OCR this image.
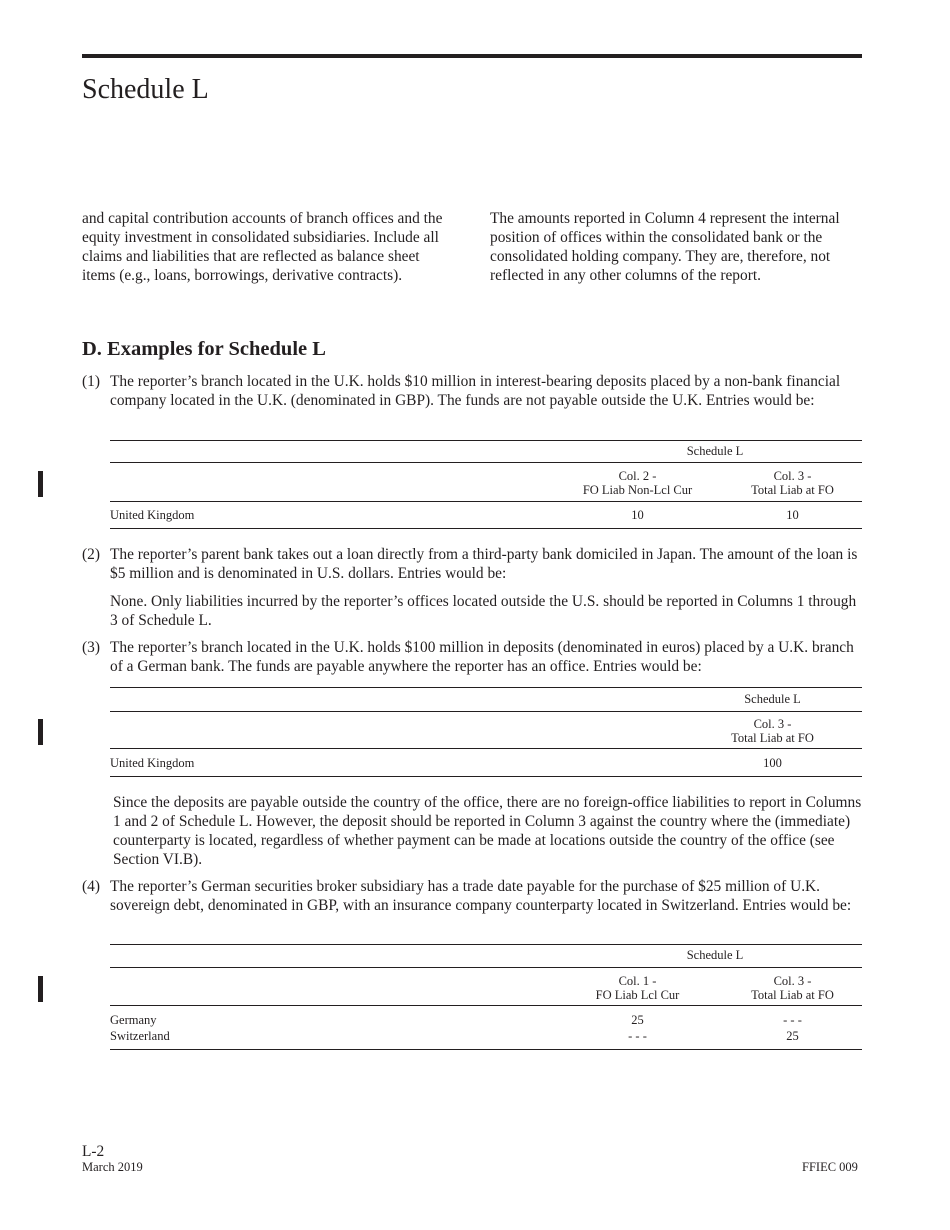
Schedule L

and capital contribution accounts of branch offices and the equity investment in consolidated subsidiaries. Include all claims and liabilities that are reflected as balance sheet items (e.g., loans, borrowings, derivative contracts).

The amounts reported in Column 4 represent the internal position of offices within the consolidated bank or the consolidated holding company. They are, therefore, not reflected in any other columns of the report.

D. Examples for Schedule L
(1) The reporter’s branch located in the U.K. holds $10 million in interest-bearing deposits placed by a non-bank financial company located in the U.K. (denominated in GBP). The funds are not payable outside the U.K. Entries would be:
Schedule L
Col. 2 -
FO Liab Non-Lcl Cur
Col. 3 -
Total Liab at FO
United Kingdom	10	10
(2) The reporter’s parent bank takes out a loan directly from a third-party bank domiciled in Japan. The amount of the loan is $5 million and is denominated in U.S. dollars. Entries would be:

None. Only liabilities incurred by the reporter’s offices located outside the U.S. should be reported in Columns 1 through 3 of Schedule L.

(3) The reporter’s branch located in the U.K. holds $100 million in deposits (denominated in euros) placed by a U.K. branch of a German bank. The funds are payable anywhere the reporter has an office. Entries would be:
Schedule L
Col. 3 -
Total Liab at FO
United Kingdom	100

Since the deposits are payable outside the country of the office, there are no foreign-office liabilities to report in Columns 1 and 2 of Schedule L. However, the deposit should be reported in Column 3 against the country where the (immediate) counterparty is located, regardless of whether payment can be made at locations outside the country of the office (see Section VI.B).

(4) The reporter’s German securities broker subsidiary has a trade date payable for the purchase of $25 million of U.K. sovereign debt, denominated in GBP, with an insurance company counterparty located in Switzerland. Entries would be:
Schedule L
Col. 1 -
FO Liab Lcl Cur
Col. 3 -
Total Liab at FO
Germany	25	- - -
Switzerland	- - -	25
L-2
March 2019	FFIEC 009
